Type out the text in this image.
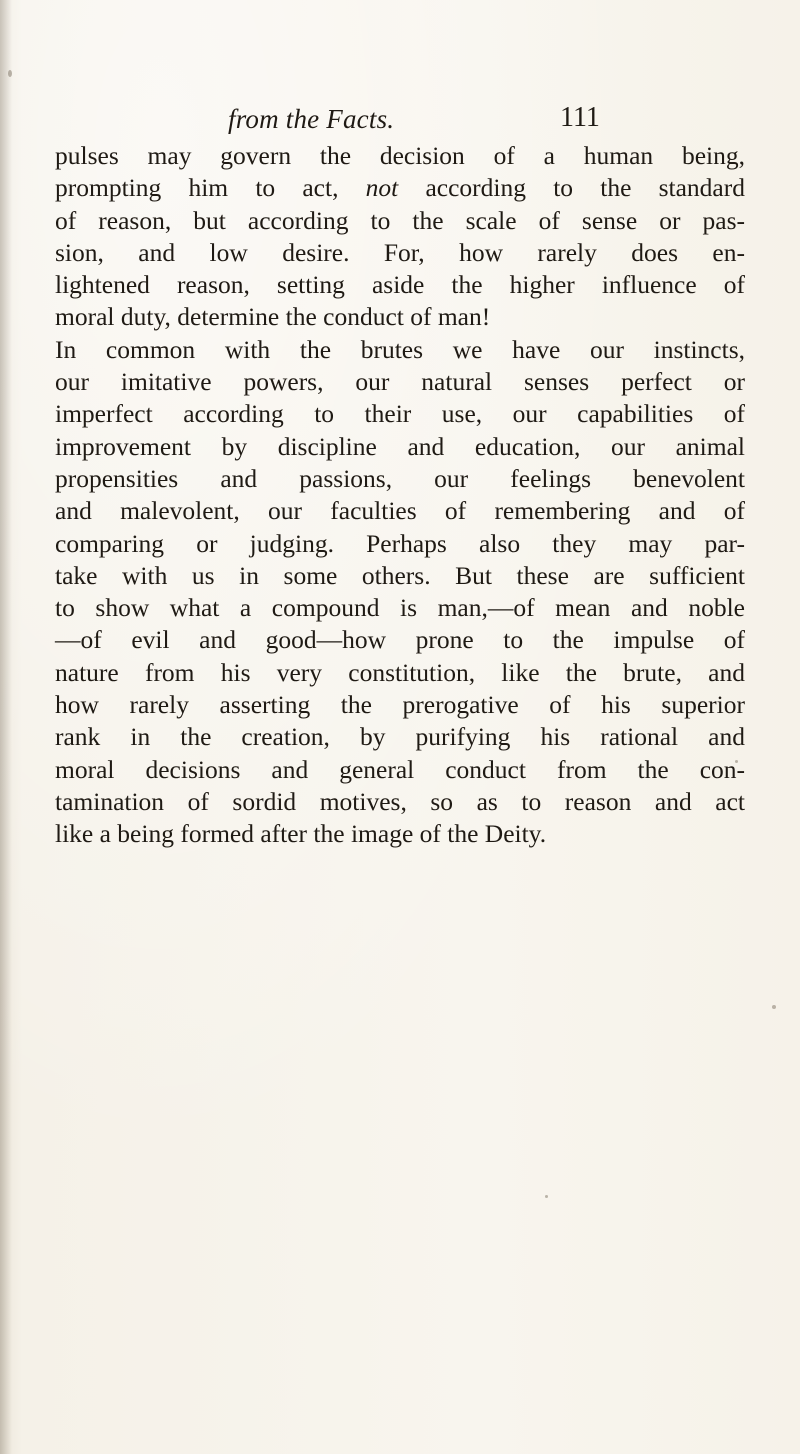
from the Facts.	111
pulses may govern the decision of a human being,
prompting him to act, not according to the standard
of reason, but according to the scale of sense or pas-
sion, and low desire. For, how rarely does en-
lightened reason, setting aside the higher influence of
moral duty, determine the conduct of man!
In common with the brutes we have our instincts,
our imitative powers, our natural senses perfect or
imperfect according to their use, our capabilities of
improvement by discipline and education, our animal
propensities and passions, our feelings benevolent
and malevolent, our faculties of remembering and of
comparing or judging. Perhaps also they may par-
take with us in some others. But these are sufficient
to show what a compound is man,—of mean and noble
—of evil and good—how prone to the impulse of
nature from his very constitution, like the brute, and
how rarely asserting the prerogative of his superior
rank in the creation, by purifying his rational and
moral decisions and general conduct from the con-
tamination of sordid motives, so as to reason and act
like a being formed after the image of the Deity.
